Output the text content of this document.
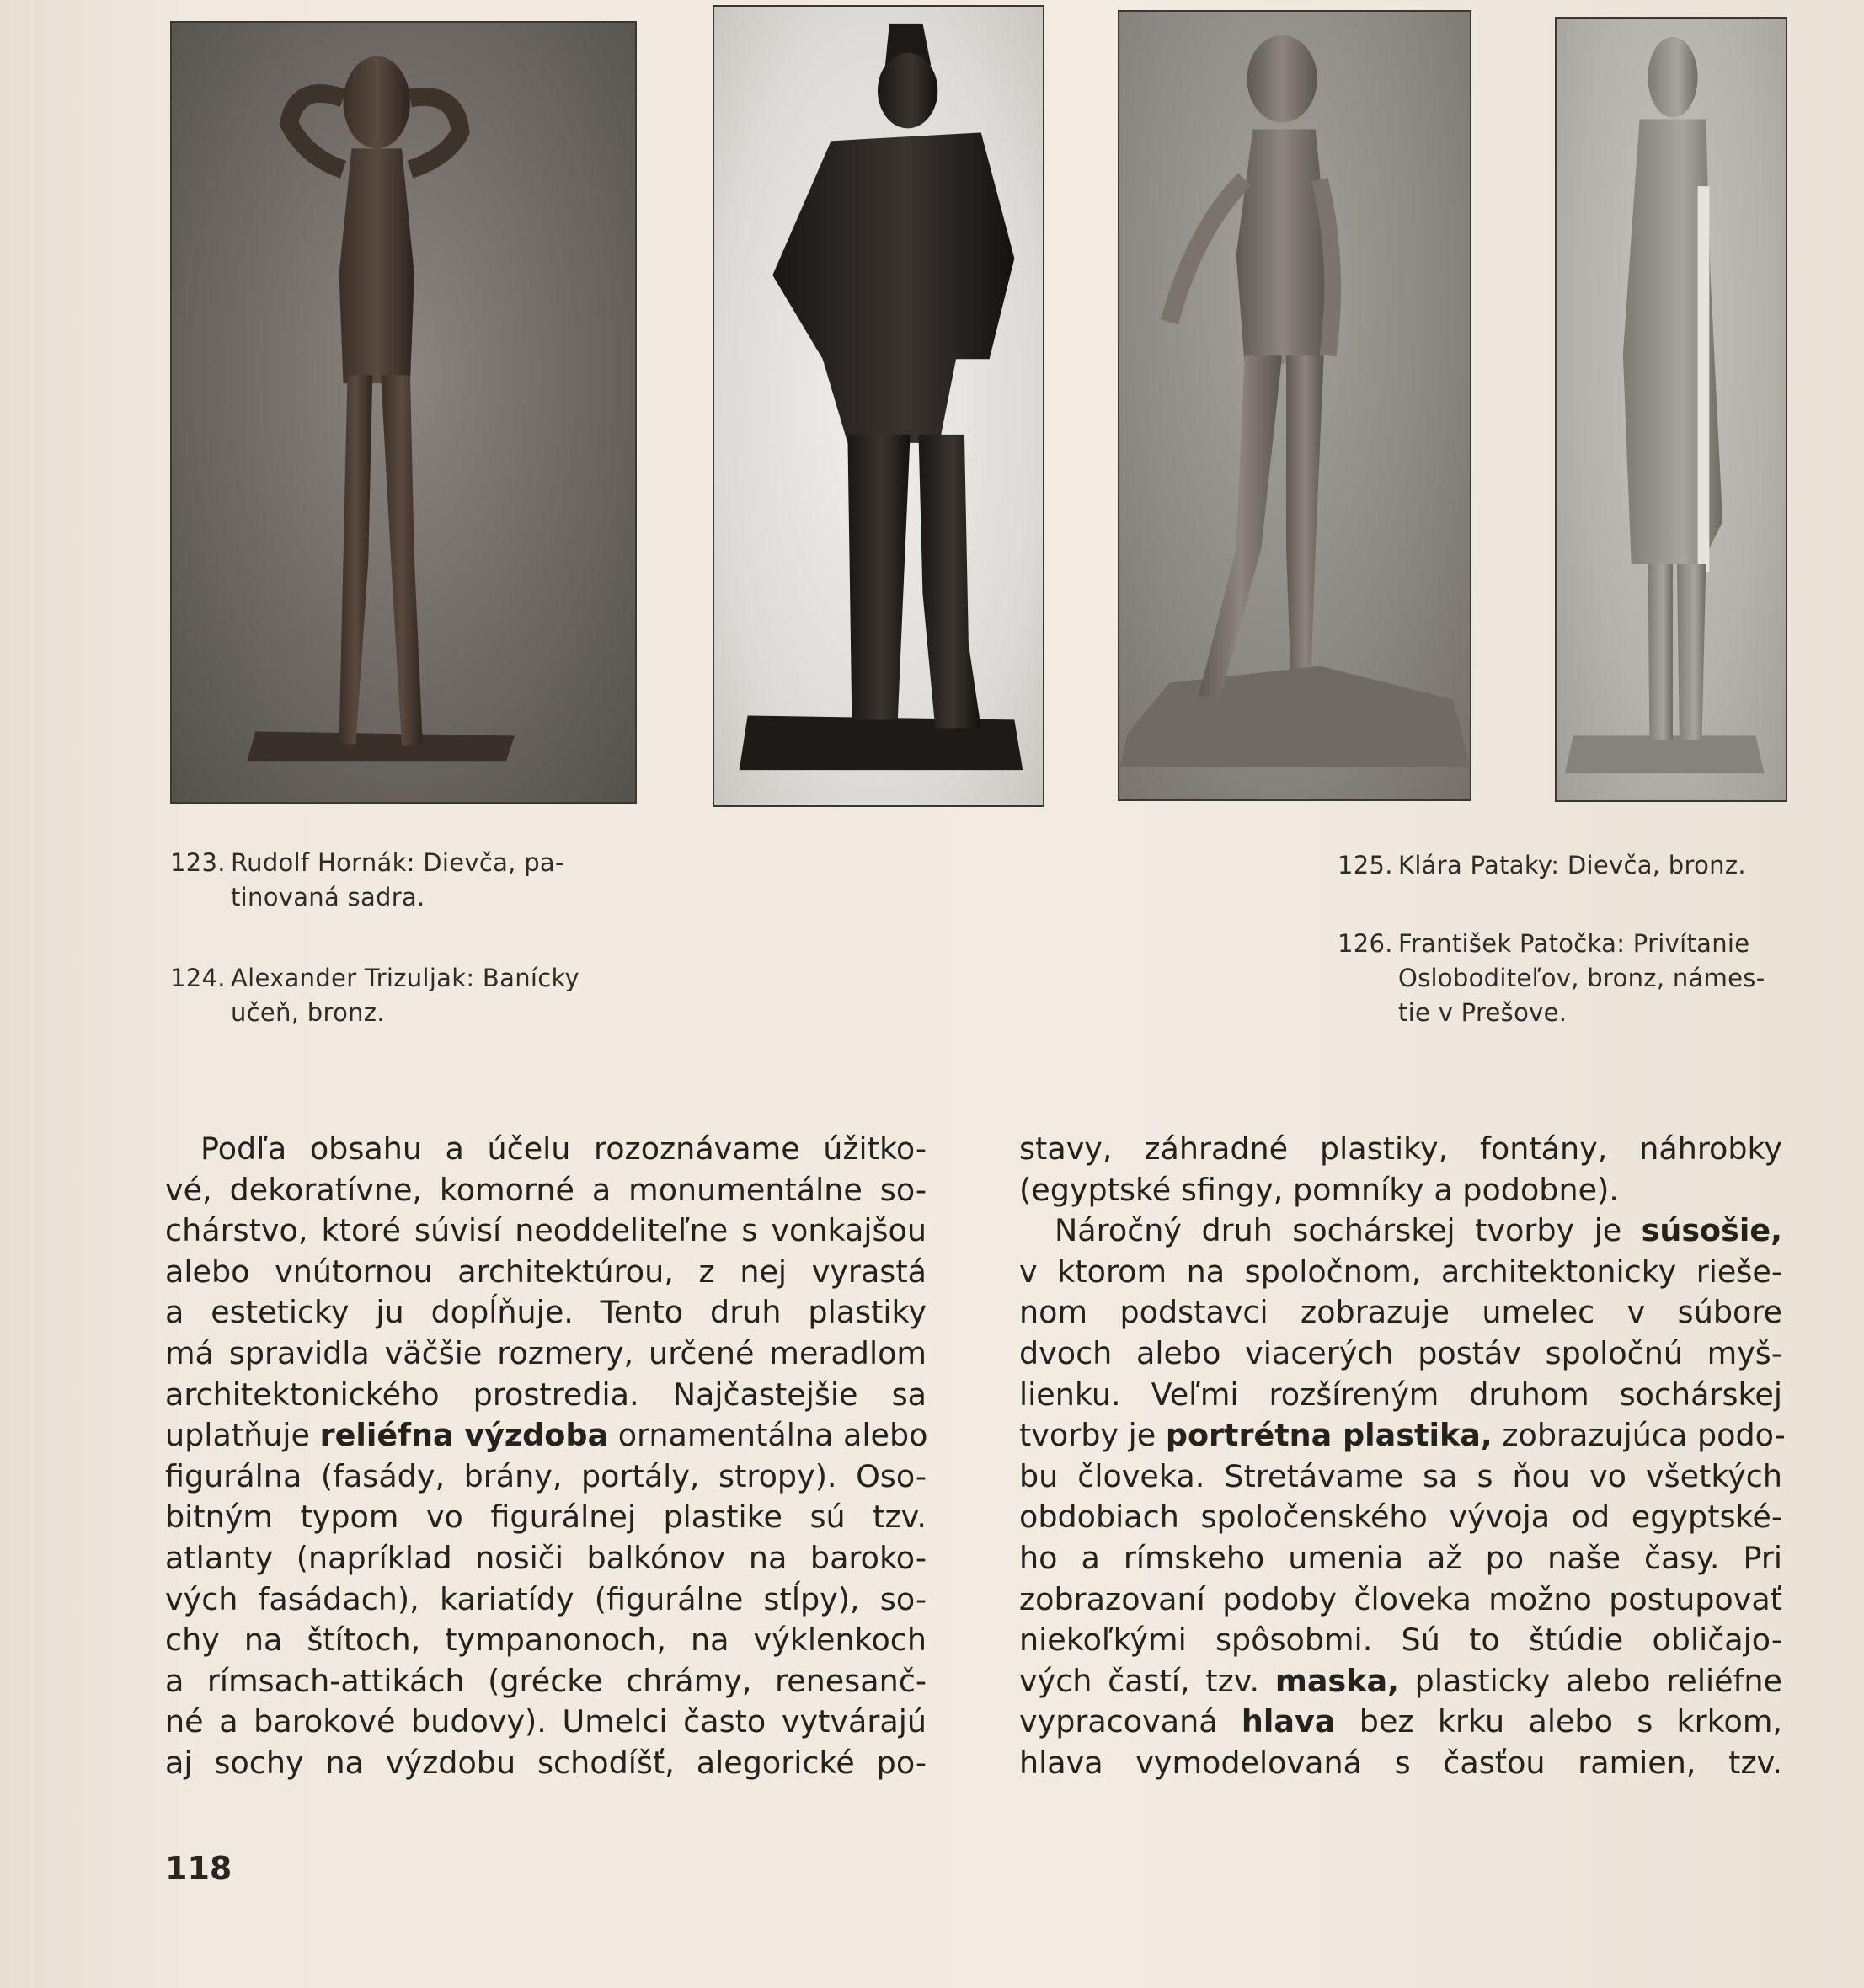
123. Rudolf Hornák: Dievča, pa-
tinovaná sadra.
124. Alexander Trizuljak: Banícky
učeň, bronz.
125. Klára Pataky: Dievča, bronz.
126. František Patočka: Privítanie
Osloboditeľov, bronz, námes-
tie v Prešove.
Podľa obsahu a účelu rozoznávame úžitko-
vé, dekoratívne, komorné a monumentálne so-
chárstvo, ktoré súvisí neoddeliteľne s vonkajšou
alebo vnútornou architektúrou, z nej vyrastá
a esteticky ju dopĺňuje. Tento druh plastiky
má spravidla väčšie rozmery, určené meradlom
architektonického prostredia. Najčastejšie sa
uplatňuje reliéfna výzdoba ornamentálna alebo
figurálna (fasády, brány, portály, stropy). Oso-
bitným typom vo figurálnej plastike sú tzv.
atlanty (napríklad nosiči balkónov na baroko-
vých fasádach), kariatídy (figurálne stĺpy), so-
chy na štítoch, tympanonoch, na výklenkoch
a rímsach-attikách (grécke chrámy, renesanč-
né a barokové budovy). Umelci často vytvárajú
aj sochy na výzdobu schodíšť, alegorické po-
stavy, záhradné plastiky, fontány, náhrobky
(egyptské sfingy, pomníky a podobne).
Náročný druh sochárskej tvorby je súsošie,
v ktorom na spoločnom, architektonicky rieše-
nom podstavci zobrazuje umelec v súbore
dvoch alebo viacerých postáv spoločnú myš-
lienku. Veľmi rozšíreným druhom sochárskej
tvorby je portrétna plastika, zobrazujúca podo-
bu človeka. Stretávame sa s ňou vo všetkých
obdobiach spoločenského vývoja od egyptské-
ho a rímskeho umenia až po naše časy. Pri
zobrazovaní podoby človeka možno postupovať
niekoľkými spôsobmi. Sú to štúdie obličajo-
vých častí, tzv. maska, plasticky alebo reliéfne
vypracovaná hlava bez krku alebo s krkom,
hlava vymodelovaná s časťou ramien, tzv.
118
